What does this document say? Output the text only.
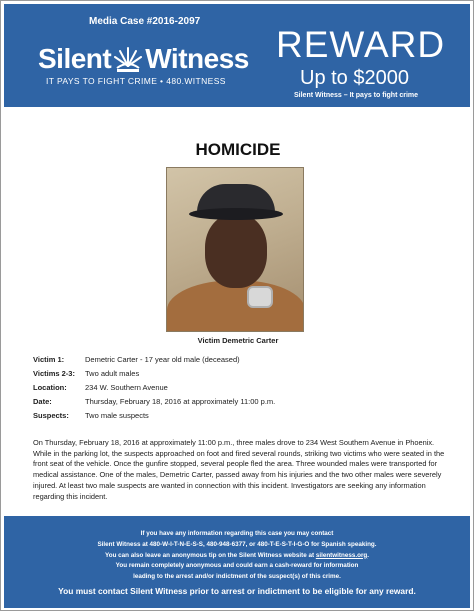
Media Case #2016-2097
Silent Witness
IT PAYS TO FIGHT CRIME • 480.WITNESS
REWARD
Up to $2000
Silent Witness – It pays to fight crime
HOMICIDE
Victim Demetric Carter
Victim 1:	Demetric Carter - 17 year old male (deceased)
Victims 2-3:	Two adult males
Location:	234 W. Southern Avenue
Date:	Thursday, February 18, 2016 at approximately 11:00 p.m.
Suspects:	Two male suspects
On Thursday, February 18, 2016 at approximately 11:00 p.m., three males drove to 234 West Southern Avenue in Phoenix. While in the parking lot, the suspects approached on foot and fired several rounds, striking two victims who were seated in the front seat of the vehicle. Once the gunfire stopped, several people fled the area. Three wounded males were transported for medical assistance. One of the males, Demetric Carter, passed away from his injuries and the two other males were severely injured. At least two male suspects are wanted in connection with this incident. Investigators are seeking any information regarding this incident.
If you have any information regarding this case you may contact
Silent Witness at 480-W-I-T-N-E-S-S, 480-948-6377, or 480-T-E-S-T-I-G-O for Spanish speaking.
You can also leave an anonymous tip on the Silent Witness website at silentwitness.org.
You remain completely anonymous and could earn a cash-reward for information
leading to the arrest and/or indictment of the suspect(s) of this crime.
You must contact Silent Witness prior to arrest or indictment to be eligible for any reward.
